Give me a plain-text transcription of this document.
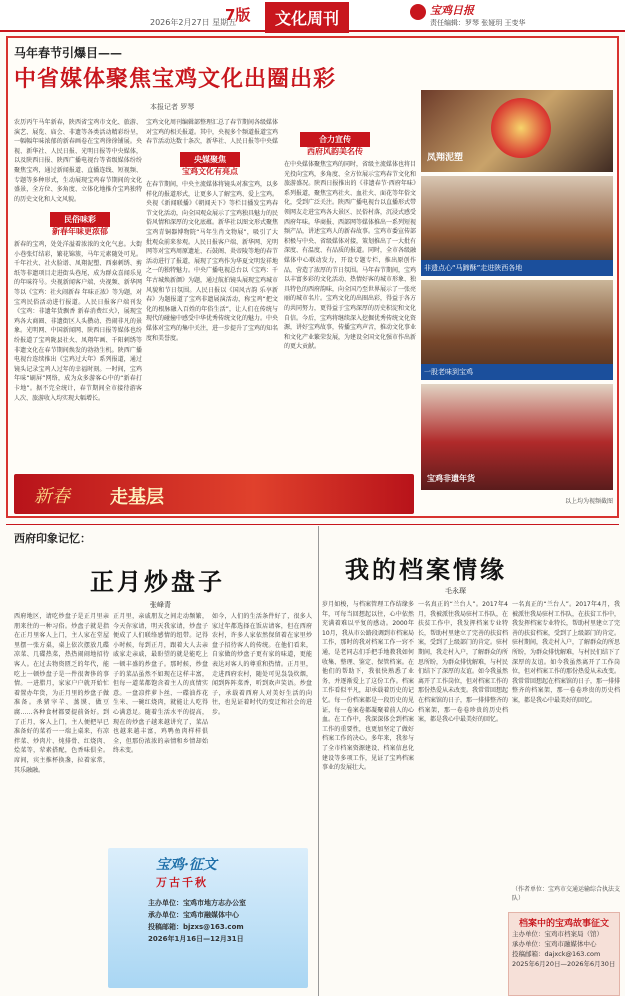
2026年2月27日 星期五
7版	文化周刊	宝鸡日报
责任编辑：罗琴 张娅玥 王变华
马年春节引爆目——
中省媒体聚焦宝鸡文化出圈出彩
本报记者 罗琴
农历丙午马年新春，陕西省宝鸡市文化、旅游、演艺、展览、庙会、非遗等各类活动精彩纷呈，一幅幅年味浓郁的新春画卷在宝鸡徐徐铺展。央视、新华社、人民日报、光明日报等中央媒体，以及陕西日报、陕西广播电视台等省级媒体纷纷聚焦宝鸡，通过新闻报道、直播连线、短视频、专题等多种形式，生动展现宝鸡春节期间的文化盛景，全方位、多角度、立体化地推介宝鸡独特的历史文化和人文风貌。
民俗味彩
新春年味更浓郁
新春的宝鸡，处处洋溢着浓浓的文化气息。大街小巷张灯结彩，繁花锦簇，马年元素随处可见。千年社火、社火脸谱、凤翔泥塑、西秦刺绣、剪纸等非遗项目走进街头巷尾，成为群众喜闻乐见的年味符号。央视新闻客户端、央视频、新华网等以《宝鸡：社火闹新春 年味正浓》等为题，对宝鸡民俗活动进行报道。人民日报客户端刊发《宝鸡：非遗年货飘香 新春消费红火》，展现宝鸡各大商圈、非遗街区人头攒动、热闹非凡的景象。光明网、中国新闻网、陕西日报等媒体也纷纷报道了宝鸡陇县社火、凤翔年画、千阳刺绣等非遗文化在春节期间焕发的勃勃生机。陕西广播电视台连续推出《宝鸡过大年》系列报道，通过镜头记录宝鸡人过年的幸福时刻。一时间，宝鸡年味“刷屏”网络，成为众多游客心中的“新春打卡地”。据不完全统计，春节期间全市接待游客人次、旅游收入均实现大幅增长。
宝鸡文化周刊编辑部整理汇总了春节期间各级媒体对宝鸡的相关报道。其中，央视多个频道报道宝鸡春节活动达数十条次，新华社、人民日报等中央媒
央媒聚焦
宝鸡文化有亮点
在春节期间，中央主流媒体将镜头对准宝鸡，以多样化的报道形式，让更多人了解宝鸡、爱上宝鸡。央视《新闻联播》《朝闻天下》等栏目播发宝鸡春节文化活动，向全国观众展示了宝鸡独具魅力的民俗风情和深厚的文化底蕴。新华社以图文形式聚焦宝鸡青铜器博物院“马年生肖文物展”，吸引了大批观众前来参观。人民日报客户端、新华网、光明网等对宝鸡周原遗址、石鼓阁、炎帝陵等地的春节活动进行了报道，展现了宝鸡作为华夏文明发祥地之一的独特魅力。中央广播电视总台以《宝鸡：千年古城焕新颜》为题，通过航拍镜头展现宝鸡城市风貌和节日氛围。人民日报以《国风古韵 乐享新春》为题报道了宝鸡非遗展演活动，称宝鸡“把文化的根脉融入百姓的年俗生活”，让人们在传统与现代的碰撞中感受中华优秀传统文化的魅力。中央媒体对宝鸡的集中关注，进一步提升了宝鸡的知名度和美誉度。
合力宣传
西府风韵美名传
在中央媒体聚焦宝鸡的同时，省级主流媒体也将目光投向宝鸡，多角度、全方位展示宝鸡春节文化和旅游盛况。陕西日报推出的《非遗春节·西府年味》系列报道，聚焦宝鸡社火、血社火、面花等年俗文化，受到广泛关注。陕西广播电视台以直播形式带领网友走进宝鸡各大景区、民俗村落，沉浸式感受西府年味。华商报、西部网等媒体推出一系列短视频产品，讲述宝鸡人的新春故事。宝鸡市委宣传部积极与中央、省级媒体对接，策划推出了一大批有深度、有温度、有品质的报道。同时，全市各级融媒体中心联动发力，开设专题专栏，推出原创作品，营造了浓厚的节日氛围。马年春节期间，宝鸡以丰富多彩的文化活动、热情好客的城市形象、独具特色的西府韵味，向全国乃至世界展示了一张亮丽的城市名片。宝鸡文化的出圈出彩，得益于各方的共同努力，更得益于宝鸡深厚的历史积淀和文化自信。今后，宝鸡将继续深入挖掘优秀传统文化资源，讲好宝鸡故事，传播宝鸡声音，推动文化事业和文化产业繁荣发展，为建设全国文化强市作出新的更大贡献。
凤翔泥塑
非遗点心“马蹄酥”走进陕西各地
一股老味到宝鸡
宝鸡非遗年货
以上均为视频截图
新春 走基层
西府印象记忆：
正月炒盘子
张峰青
西府地区，请吃炒盘子是正月里亲朋来往的一种习俗。炒盘子就是指在正月里客人上门，主人家在堂屋里摆一张方桌，桌上依次摆放几碟凉菜、几碟热菜，热热闹闹地招待客人。在过去物资匮乏的年代，能吃上一顿炒盘子是一件很奢侈的事情。一进腊月，家家户户就开始忙着置办年货，为正月里的炒盘子做准备。杀猪宰羊、蒸馍、做豆腐……各种食材都要提前备好。到了正月，客人上门，主人便把早已准备好的菜肴一一端上桌来，有凉拌菜、炒肉片、炖排骨、红烧肉、烩菜等，荤素搭配，色香味俱全。席间，宾主推杯换盏，拉着家常，其乐融融。
正月里，亲戚朋友之间走动频繁，今天你家请，明天我家请，炒盘子便成了人们联络感情的纽带。记得小时候，每到正月，跟着大人去亲戚家走亲戚，最盼望的就是能吃上一顿丰盛的炒盘子。那时候，炒盘子的菜品虽然不如现在这样丰富，但每一道菜都饱含着主人的真情实意。一盘凉拌萝卜丝、一碟油炸花生米、一碗红烧肉，就能让人吃得心满意足。随着生活水平的提高，现在的炒盘子越来越讲究了，菜品也越来越丰富，鸡鸭鱼肉样样俱全，但那份浓浓的亲情和乡情却始终未变。
如今，人们的生活条件好了，很多人家过年都选择在饭店请客，但在西府农村，许多人家依然保留着在家里炒盘子招待客人的传统。在他们看来，自家做的炒盘子更有家的味道，更能表达对客人的尊重和热情。正月里，走进西府农村，随处可见袅袅炊烟，闻到阵阵菜香，听到欢声笑语。炒盘子，承载着西府人对美好生活的向往，也见证着时代的变迁和社会的进步。
宝鸡·征文
万古千秋
主办单位：宝鸡市地方志办公室
承办单位：宝鸡市融媒体中心
投稿邮箱：bjzxs@163.com
2026年1月16日—12月31日
我的档案情缘
毛永琛
岁月如梭，与档案管理工作结缘多年，可每当回想起以往，心中依然充满着难以平复的感动。2000年10月，我从市公路段调到市档案局工作，那时的我对档案工作一窍不通，是老同志们手把手地教我如何收集、整理、鉴定、保管档案。在他们的帮助下，我很快熟悉了业务，并逐渐爱上了这份工作。档案工作看似平凡，却承载着历史的记忆。每一份档案都是一段历史的见证，每一卷案卷都凝聚着前人的心血。在工作中，我深深体会到档案工作的重要性，也更加坚定了做好档案工作的决心。多年来，我参与了全市档案资源建设、档案信息化建设等多项工作，见证了宝鸡档案事业的发展壮大。
一名真正的“兰台人”。2017年4月，我被派往我局驻村工作队，在扶贫工作中，我发挥档案专业特长，帮助村里建立了完善的扶贫档案，受到了上级部门的肯定。驻村期间，我走村入户，了解群众的所思所盼，为群众排忧解难，与村民们结下了深厚的友谊。如今我虽然离开了工作岗位，但对档案工作的那份热爱从未改变。我常常回想起在档案馆的日子，那一排排整齐的档案架，那一卷卷珍贵的历史档案，都是我心中最美好的回忆。
一名真正的“兰台人”。2017年4月，我被派往我局驻村工作队，在扶贫工作中，我发挥档案专业特长，帮助村里建立了完善的扶贫档案，受到了上级部门的肯定。驻村期间，我走村入户，了解群众的所思所盼，为群众排忧解难，与村民们结下了深厚的友谊。如今我虽然离开了工作岗位，但对档案工作的那份热爱从未改变。我常常回想起在档案馆的日子，那一排排整齐的档案架，那一卷卷珍贵的历史档案，都是我心中最美好的回忆。
（作者单位：宝鸡市交通运输综合执法支队）
档案中的宝鸡故事征文
主办单位：宝鸡市档案局（馆）
承办单位：宝鸡市融媒体中心
投稿邮箱：dajxck@163.com
2025年6月20日—2026年6月30日
